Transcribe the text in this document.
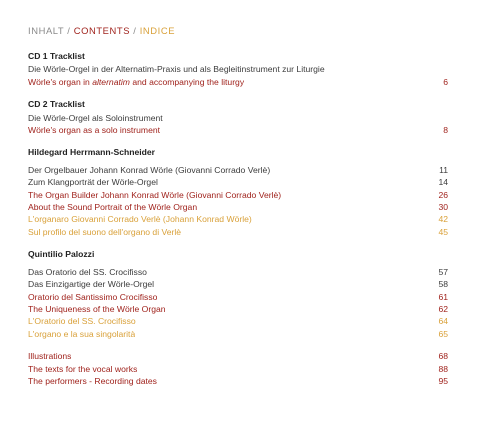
INHALT / CONTENTS / INDICE
CD 1 Tracklist
Die Wörle-Orgel in der Alternatim-Praxis und als Begleitinstrument zur Liturgie
Wörle's organ in alternatim and accompanying the liturgy	6
CD 2 Tracklist
Die Wörle-Orgel als Soloinstrument
Wörle's organ as a solo instrument	8
Hildegard Herrmann-Schneider
Der Orgelbauer Johann Konrad Wörle (Giovanni Corrado Verlè)	11
Zum Klangporträt der Wörle-Orgel	14
The Organ Builder Johann Konrad Wörle (Giovanni Corrado Verlè)	26
About the Sound Portrait of the Wörle Organ	30
L'organaro Giovanni Corrado Verlè (Johann Konrad Wörle)	42
Sul profilo del suono dell'organo di Verlè	45
Quintilio Palozzi
Das Oratorio del SS. Crocifisso	57
Das Einzigartige der Wörle-Orgel	58
Oratorio del Santissimo Crocifisso	61
The Uniqueness of the Wörle Organ	62
L'Oratorio del SS. Crocifisso	64
L'organo e la sua singolarità	65
Illustrations	68
The texts for the vocal works	88
The performers - Recording dates	95
